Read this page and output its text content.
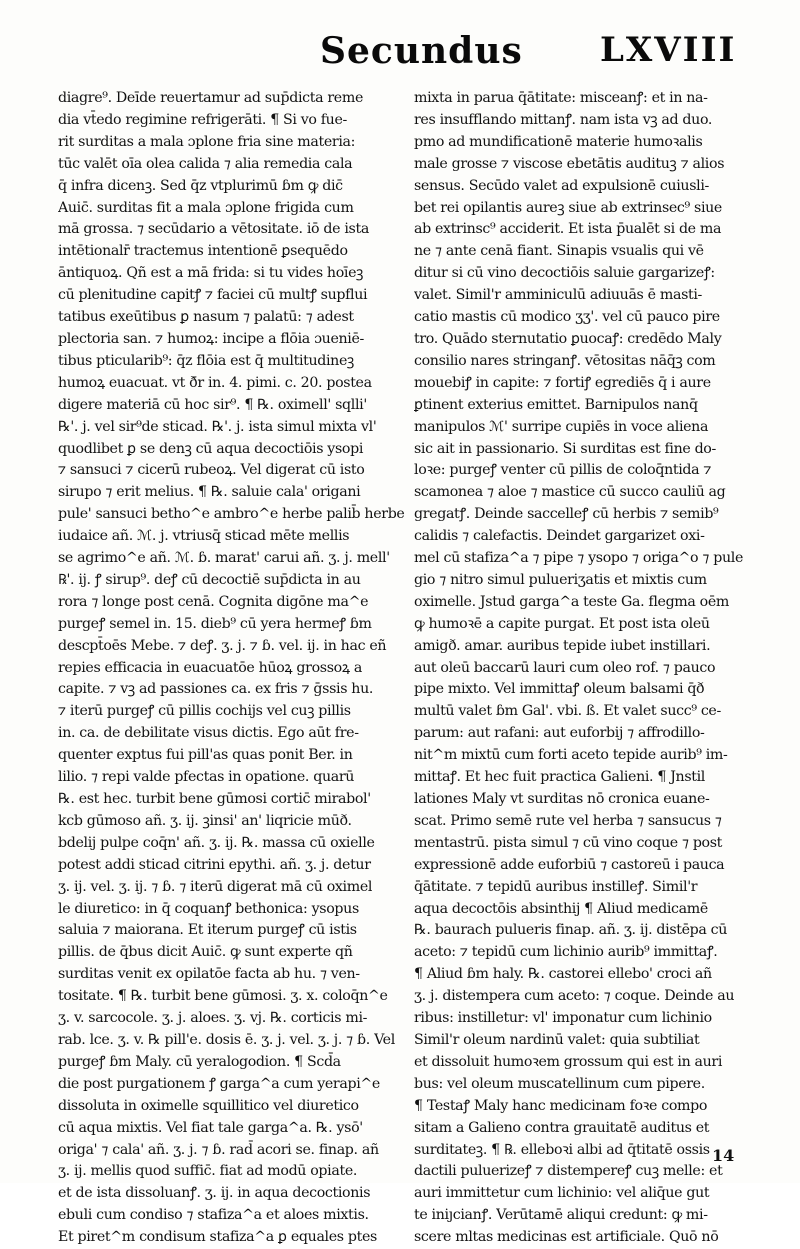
Secundus LXVIII
diagre⁹. Deīde reuertamur ad sup̄dicta reme
dia vt̄edo regimine refrigerāti. ¶ Si vo fue-
rit surditas a mala ɔplone fria sine materia:
tūc valēt oīa olea calida ⁊ alia remedia cala
q̄ infra dicenꝫ. Sed q̄z vtplurimū ɓm ꝙ dic̄
Auic̄. surditas fit a mala ɔplone frigida cum
mā grossa. ⁊ secūdario a vētositate. iō de ista
intētionalr̄ tractemus intentionē ꝑsequēdo
āntiquoꝝ. Qñ est a mā frida: si tu vides hoīeꝫ
cū plenitudine capitꝭ ⁊ faciei cū multꝭ supflui
tatibus exeūtibus ꝑ nasum ⁊ palatū: ⁊ adest
plectoria san. ⁊ humoꝝ: incipe a flōia ɔueniē-
tibus pticularib⁹: q̄z flōia est q̄ multitudineꝫ
humoꝝ euacuat. vt ð̄r in. 4. pimi. c. 20. postea
digere materiā cū hoc sir⁹. ¶ ℞. oximell' sqlli'
℞'. j. vel sir⁹de sticad. ℞'. j. ista simul mixta vl'
quodlibet ꝑ se denꝫ cū aqua decoctiōis ysopi
⁊ sansuci ⁊ cicerū rubeoꝝ. Vel digerat cū isto
sirupo ⁊ erit melius. ¶ ℞. saluie cala' origani
pule' sansuci betho^e ambro^e herbe palib̄ herbe
iudaice añ. ℳ. j. vtriusq̄ sticad mēte mellis
se agrimo^e añ. ℳ. ɓ. marat' carui añ. ʒ. j. mell'
℞'. ij. ꝭ sirup⁹. deꝭ cū decoctiē sup̄dicta in au
rora ⁊ longe post cenā. Cognita digōne ma^e
purgeꝭ semel in. 15. dieb⁹ cū yera hermeꝭ ɓm
descpt̄oēs Mebe. ⁊ deꝭ. ʒ. j. ⁊ ɓ. vel. ij. in hac eñ
repies efficacia in euacuatōe hūoꝝ grossoꝝ a
capite. ⁊ vꝫ ad passiones ca. ex fris ⁊ ḡssis hu.
⁊ iterū purgeꝭ cū pillis cochijs vel cuꝫ pillis
in. ca. de debilitate visus dictis. Ego aūt fre-
quenter exptus fui pill'as quas ponit Ber. in
lilio. ⁊ repi valde pfectas in opatione. quarū
℞. est hec. turbit bene gūmosi cortic̄ mirabol'
kcb gūmoso añ. ʒ. ij. ꝫinsi' an' liqricie mūð.
bdelij pulpe coq̄n' añ. ʒ. ij. ℞. massa cū oxielle
potest addi sticad citrini epythi. añ. ʒ. j. detur
ʒ. ij. vel. ʒ. ij. ⁊ ɓ. ⁊ iterū digerat mā cū oximel
le diuretico: in q̄ coquanꝭ bethonica: ysopus
saluia ⁊ maiorana. Et iterum purgeꝭ cū istis
pillis. de q̄bus dicit Auic̄. ꝙ sunt experte qñ
surditas venit ex opilatōe facta ab hu. ⁊ ven-
tositate. ¶ ℞. turbit bene gūmosi. ʒ. x. coloq̄n^e
ʒ. v. sarcocole. ʒ. j. aloes. ʒ. vj. ℞. corticis mi-
rab. lce. ʒ. v. ℞ pill'e. dosis ē. ʒ. j. vel. ʒ. j. ⁊ ɓ. Vel
purgeꝭ ɓm Maly. cū yeralogodion. ¶ Scd̄a
die post purgationem ꝭ garga^a cum yerapi^e
dissoluta in oximelle squillitico vel diuretico
cū aqua mixtis. Vel fiat tale garga^a. ℞. ysō'
origa' ⁊ cala' añ. ʒ. j. ⁊ ɓ. rad̄ acori se. finap. añ
ʒ. ij. mellis quod suffic̄. fiat ad modū opiate.
et de ista dissoluanꝭ. ʒ. ij. in aqua decoctionis
ebuli cum condiso ⁊ stafiza^a et aloes mixtis.
Et piret^m condisum stafiza^a ꝑ equales ptes
mixta in parua q̄ātitate: misceanꝭ: et in na-
res insufflando mittanꝭ. nam ista vꝫ ad duo.
pmo ad mundificationē materie humoꝛalis
male grosse ⁊ viscose ebetātis audituꝫ ⁊ alios
sensus. Secūdo valet ad expulsionē cuiusli-
bet rei opilantis aureꝫ siue ab extrinsec⁹ siue
ab extrinsc⁹ acciderit. Et ista p̄ualēt si de ma
ne ⁊ ante cenā fiant. Sinapis vsualis qui vē
ditur si cū vino decoctiōis saluie gargarizeꝭ:
valet. Simil'r amminiculū adiuuās ē masti-
catio mastis cū modico ʒʒ'. vel cū pauco pire
tro. Quādo sternutatio ꝑuocaꝭ: credēdo Maly
consilio nares stringanꝭ. vētositas nāq̄ꝫ com
mouebiꝭ in capite: ⁊ fortiꝭ egrediēs q̄ i aure
ꝑtinent exterius emittet. Barnipulos nanq̄
manipulos ℳ' surripe cupiēs in voce aliena
sic ait in passionario. Si surditas est fine do-
loꝛe: purgeꝭ venter cū pillis de coloq̄ntida ⁊
scamonea ⁊ aloe ⁊ mastice cū succo cauliū ag
gregatꝭ. Deinde saccelleꝭ cū herbis ⁊ semib⁹
calidis ⁊ calefactis. Deindet gargarizet oxi-
mel cū stafiza^a ⁊ pipe ⁊ ysopo ⁊ origa^o ⁊ pule
gio ⁊ nitro simul pulueriʒatis et mixtis cum
oximelle. Jstud garga^a teste Ga. flegma oēm
ꝙ humoꝛē a capite purgat. Et post ista oleū
amigð. amar. auribus tepide iubet instillari.
aut oleū baccarū lauri cum oleo rof. ⁊ pauco
pipe mixto. Vel immittaꝭ oleum balsami q̄ð
multū valet ɓm Gal'. vbi. ß. Et valet succ⁹ ce-
parum: aut rafani: aut euforbij ⁊ affrodillo-
nit^m mixtū cum forti aceto tepide aurib⁹ im-
mittaꝭ. Et hec fuit practica Galieni. ¶ Jnstil
lationes Maly vt surditas nō cronica euane-
scat. Primo semē rute vel herba ⁊ sansucus ⁊
mentastrū. pista simul ⁊ cū vino coque ⁊ post
expressionē adde euforbiū ⁊ castoreū i pauca
q̄ātitate. ⁊ tepidū auribus instilleꝭ. Simil'r
aqua decoctōis absinthij ¶ Aliud medicamē
℞. baurach pulueris finap. añ. ʒ. ij. distēpa cū
aceto: ⁊ tepidū cum lichinio aurib⁹ immittaꝭ.
¶ Aliud ɓm haly. ℞. castorei ellebo' croci añ
ʒ. j. distempera cum aceto: ⁊ coque. Deinde au
ribus: instilletur: vl' imponatur cum lichinio
Simil'r oleum nardinū valet: quia subtiliat
et dissoluit humoꝛem grossum qui est in auri
bus: vel oleum muscatellinum cum pipere.
¶ Testaꝭ Maly hanc medicinam foꝛe compo
sitam a Galieno contra grauitatē auditus et
surditateꝫ. ¶ ℞. elleboꝛi albi ad q̄titatē ossis
dactili puluerizeꝭ ⁊ distempereꝭ cuꝫ melle: et
auri immittetur cum lichinio: vel aliq̄ue gut
te iniȷcianꝭ. Verūtamē aliqui credunt: ꝙ mi-
scere mltas medicinas est artificiale. Quō nō
14
